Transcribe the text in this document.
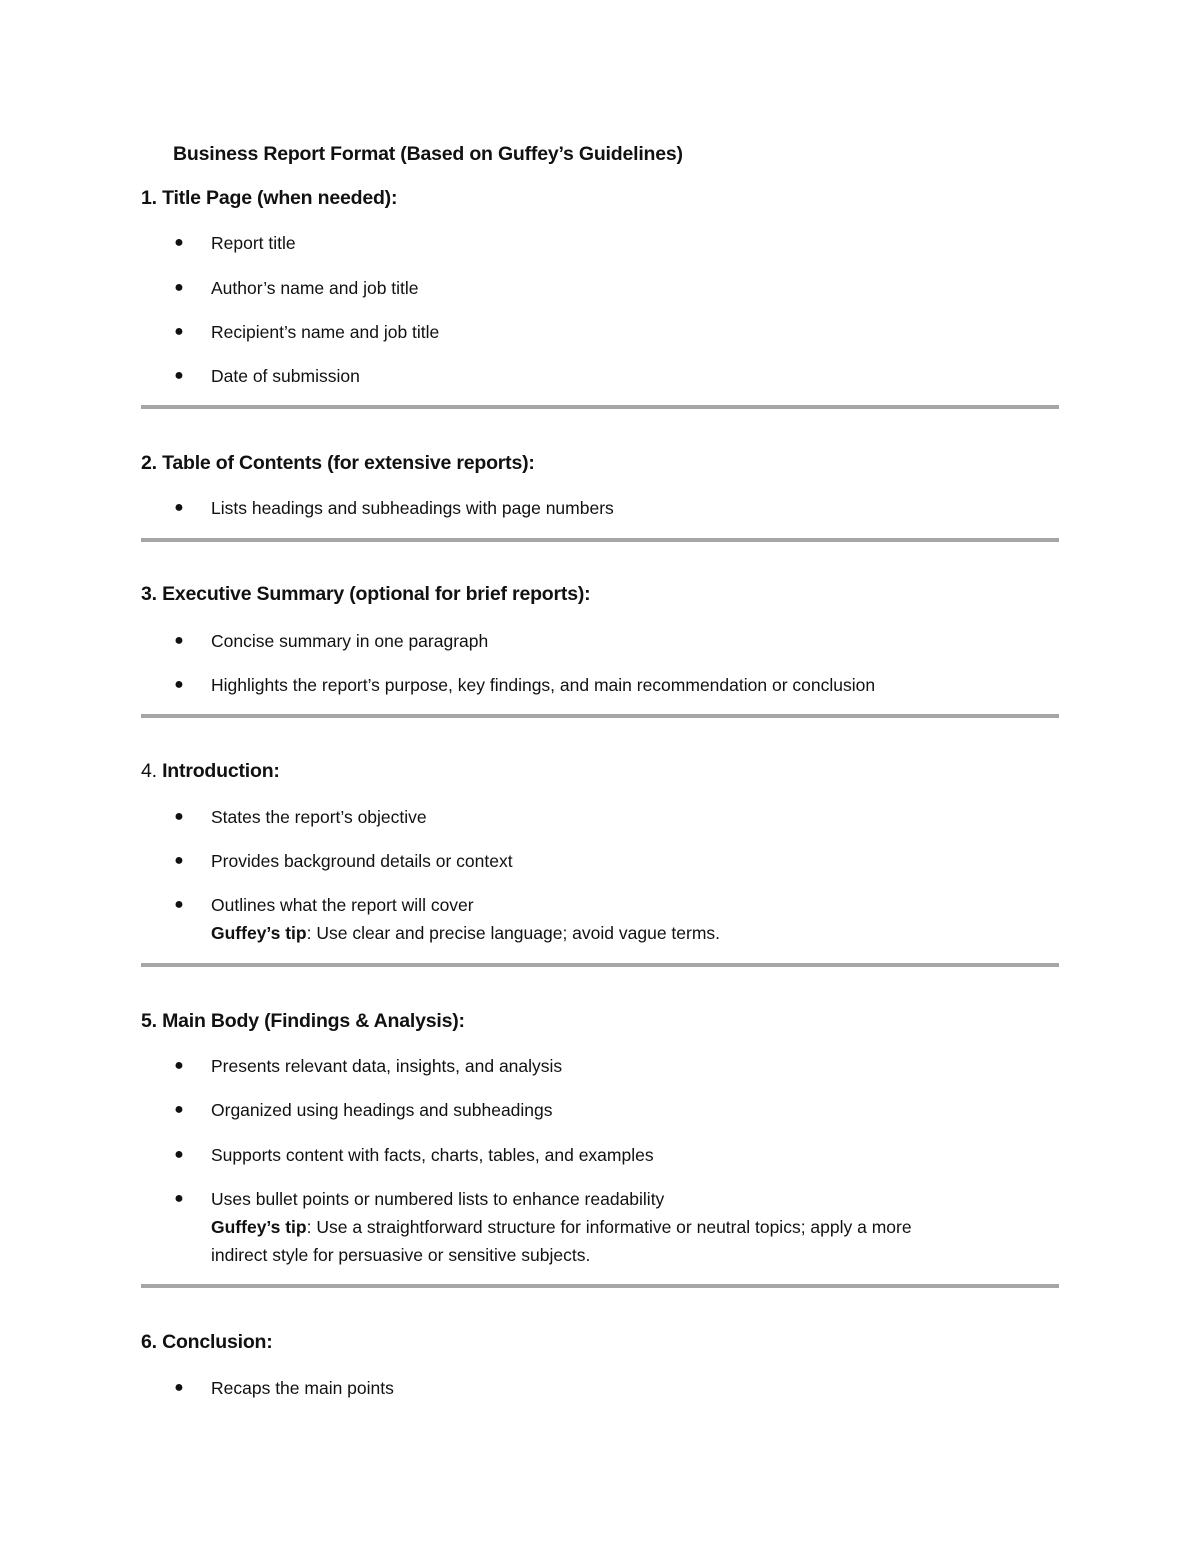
Business Report Format (Based on Guffey’s Guidelines)
1. Title Page (when needed):
● Report title
● Author’s name and job title
● Recipient’s name and job title
● Date of submission
2. Table of Contents (for extensive reports):
● Lists headings and subheadings with page numbers
3. Executive Summary (optional for brief reports):
● Concise summary in one paragraph
● Highlights the report’s purpose, key findings, and main recommendation or conclusion
4. Introduction:
● States the report’s objective
● Provides background details or context
● Outlines what the report will cover
Guffey’s tip: Use clear and precise language; avoid vague terms.
5. Main Body (Findings & Analysis):
● Presents relevant data, insights, and analysis
● Organized using headings and subheadings
● Supports content with facts, charts, tables, and examples
● Uses bullet points or numbered lists to enhance readability
Guffey’s tip: Use a straightforward structure for informative or neutral topics; apply a more
indirect style for persuasive or sensitive subjects.
6. Conclusion:
● Recaps the main points
